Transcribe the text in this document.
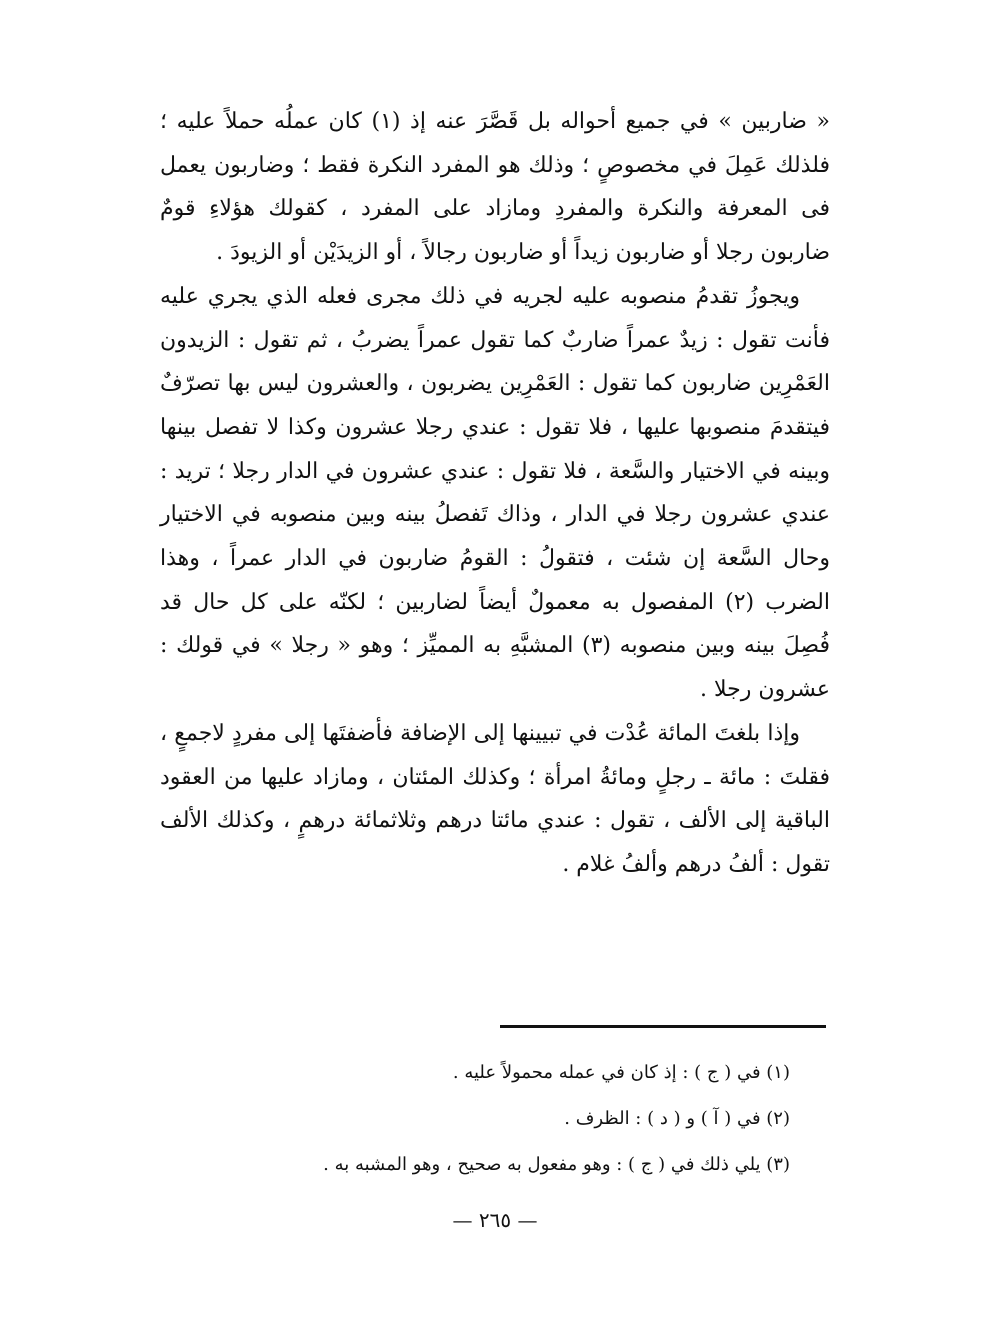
« ضاربين » في جميع أحواله بل قَصَّرَ عنه إذ (١) كان عملُه حملاً عليه ؛ فلذلك عَمِلَ في مخصوصٍ ؛ وذلك هو المفرد النكرة فقط ؛ وضاربون يعمل فى المعرفة والنكرة والمفردِ ومازاد على المفرد ، كقولك هؤلاءِ قومٌ ضاربون رجلا أو ضاربون زيداً أو ضاربون رجالاً ، أو الزيدَيْن أو الزيودَ .

ويجوزُ تقدمُ منصوبه عليه لجريه في ذلك مجرى فعله الذي يجري عليه فأنت تقول : زيدٌ عمراً ضاربٌ كما تقول عمراً يضربُ ، ثم تقول : الزيدون العَمْرِين ضاربون كما تقول : العَمْرِين يضربون ، والعشرون ليس بها تصرّفٌ فيتقدمَ منصوبها عليها ، فلا تقول : عندي رجلا عشرون وكذا لا تفصل بينها وبينه في الاختيار والسَّعة ، فلا تقول : عندي عشرون في الدار رجلا ؛ تريد : عندي عشرون رجلا في الدار ، وذاك تَفصلُ بينه وبين منصوبه في الاختيار وحال السَّعة إن شئت ، فتقولُ : القومُ ضاربون في الدار عمراً ، وهذا الضرب (٢) المفصول به معمولٌ أيضاً لضاربين ؛ لكنّه على كل حال قد فُصِلَ بينه وبين منصوبه (٣) المشبَّهِ به المميِّز ؛ وهو « رجلا » في قولك : عشرون رجلا .

وإذا بلغتَ المائة عُدْت في تبيينها إلى الإضافة فأضفتَها إلى مفردٍ لاجمعٍ ، فقلتَ : مائة ـ رجلٍ ومائةُ امرأة ؛ وكذلك المئتان ، ومازاد عليها من العقود الباقية إلى الألف ، تقول : عندي مائتا درهم وثلاثمائة درهمٍ ، وكذلك الألف تقول : ألفُ درهم وألفُ غلام .

(١) في ( ج ) : إذ كان في عمله محمولاً عليه .
(٢) في ( آ ) و ( د ) : الظرف .
(٣) يلي ذلك في ( ج ) : وهو مفعول به صحيح ، وهو المشبه به .
— ٢٦٥ —
